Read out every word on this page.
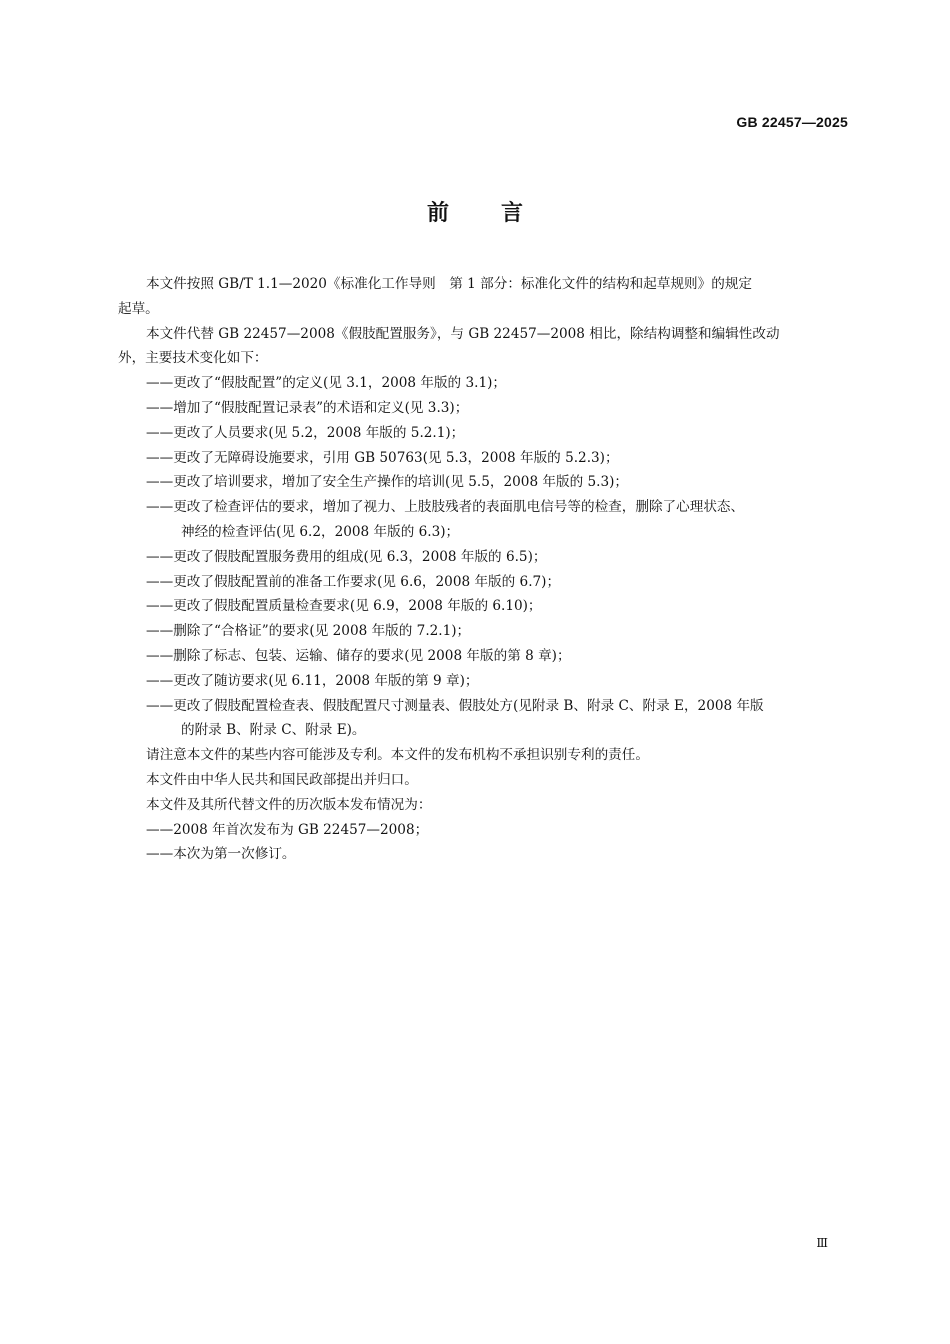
GB 22457—2025
前 言
本文件按照 GB/T 1.1—2020《标准化工作导则　第 1 部分：标准化文件的结构和起草规则》的规定
起草。
本文件代替 GB 22457—2008《假肢配置服务》，与 GB 22457—2008 相比，除结构调整和编辑性改动
外，主要技术变化如下：
——更改了“假肢配置”的定义(见 3.1，2008 年版的 3.1)；
——增加了“假肢配置记录表”的术语和定义(见 3.3)；
——更改了人员要求(见 5.2，2008 年版的 5.2.1)；
——更改了无障碍设施要求，引用 GB 50763(见 5.3，2008 年版的 5.2.3)；
——更改了培训要求，增加了安全生产操作的培训(见 5.5，2008 年版的 5.3)；
——更改了检查评估的要求，增加了视力、上肢肢残者的表面肌电信号等的检查，删除了心理状态、
神经的检查评估(见 6.2，2008 年版的 6.3)；
——更改了假肢配置服务费用的组成(见 6.3，2008 年版的 6.5)；
——更改了假肢配置前的准备工作要求(见 6.6，2008 年版的 6.7)；
——更改了假肢配置质量检查要求(见 6.9，2008 年版的 6.10)；
——删除了“合格证”的要求(见 2008 年版的 7.2.1)；
——删除了标志、包装、运输、储存的要求(见 2008 年版的第 8 章)；
——更改了随访要求(见 6.11，2008 年版的第 9 章)；
——更改了假肢配置检查表、假肢配置尺寸测量表、假肢处方(见附录 B、附录 C、附录 E，2008 年版
的附录 B、附录 C、附录 E)。
请注意本文件的某些内容可能涉及专利。本文件的发布机构不承担识别专利的责任。
本文件由中华人民共和国民政部提出并归口。
本文件及其所代替文件的历次版本发布情况为：
——2008 年首次发布为 GB 22457—2008；
——本次为第一次修订。
Ⅲ
